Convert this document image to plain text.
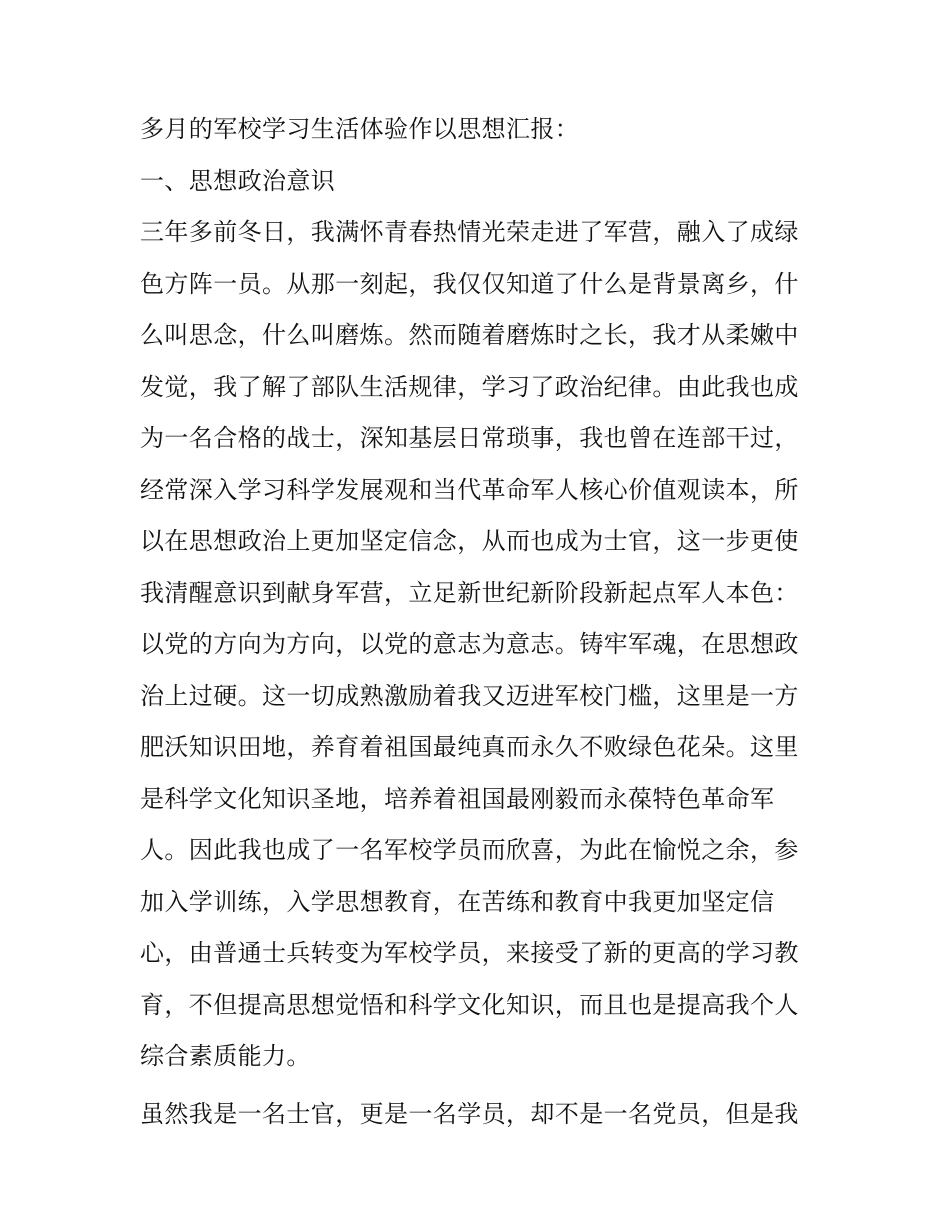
多月的军校学习生活体验作以思想汇报：
一、思想政治意识
三年多前冬日，我满怀青春热情光荣走进了军营，融入了成绿
色方阵一员。从那一刻起，我仅仅知道了什么是背景离乡，什
么叫思念，什么叫磨炼。然而随着磨炼时之长，我才从柔嫩中
发觉，我了解了部队生活规律，学习了政治纪律。由此我也成
为一名合格的战士，深知基层日常琐事，我也曾在连部干过，
经常深入学习科学发展观和当代革命军人核心价值观读本，所
以在思想政治上更加坚定信念，从而也成为士官，这一步更使
我清醒意识到献身军营，立足新世纪新阶段新起点军人本色：
以党的方向为方向，以党的意志为意志。铸牢军魂，在思想政
治上过硬。这一切成熟激励着我又迈进军校门槛，这里是一方
肥沃知识田地，养育着祖国最纯真而永久不败绿色花朵。这里
是科学文化知识圣地，培养着祖国最刚毅而永葆特色革命军
人。因此我也成了一名军校学员而欣喜，为此在愉悦之余，参
加入学训练，入学思想教育，在苦练和教育中我更加坚定信
心，由普通士兵转变为军校学员，来接受了新的更高的学习教
育，不但提高思想觉悟和科学文化知识，而且也是提高我个人
综合素质能力。
虽然我是一名士官，更是一名学员，却不是一名党员，但是我
